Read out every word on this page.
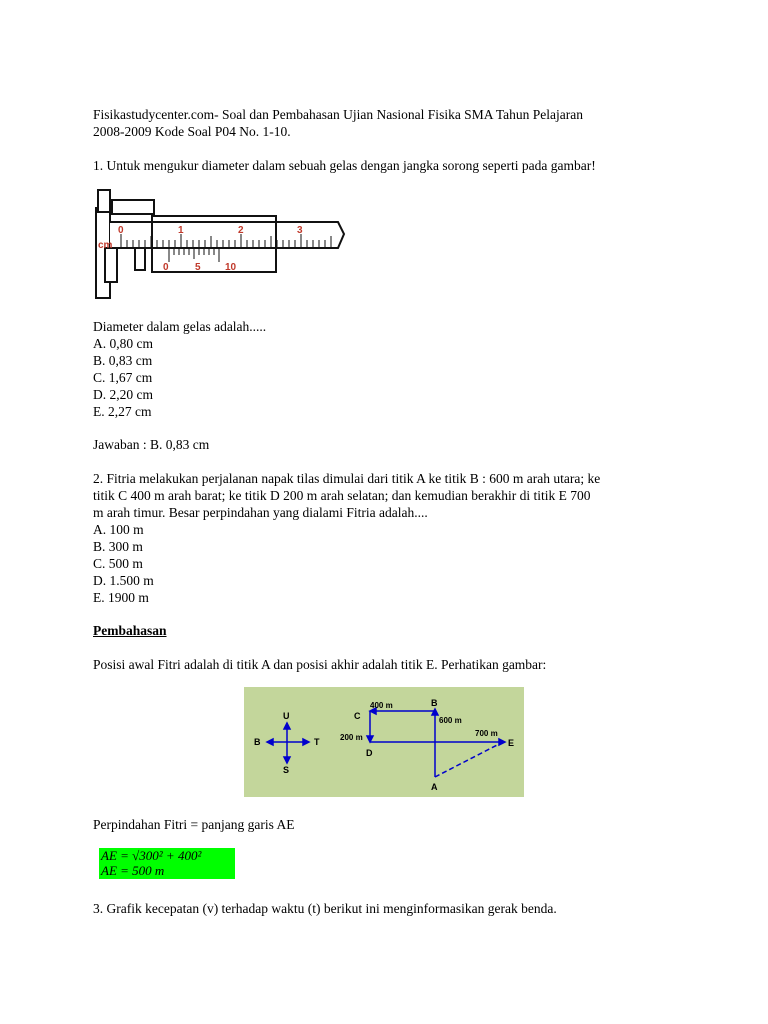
Fisikastudycenter.com- Soal dan Pembahasan Ujian Nasional Fisika SMA Tahun Pelajaran
2008-2009 Kode Soal P04 No. 1-10.
1. Untuk mengukur diameter dalam sebuah gelas dengan jangka sorong seperti pada gambar!
cm
0	1	2	3
0	5 10
Diameter dalam gelas adalah.....
A. 0,80 cm
B. 0,83 cm
C. 1,67 cm
D. 2,20 cm
E. 2,27 cm
Jawaban : B. 0,83 cm
2. Fitria melakukan perjalanan napak tilas dimulai dari titik A ke titik B : 600 m arah utara; ke
titik C 400 m arah barat; ke titik D 200 m arah selatan; dan kemudian berakhir di titik E 700
m arah timur. Besar perpindahan yang dialami Fitria adalah....
A. 100 m
B. 300 m
C. 500 m
D. 1.500 m
E. 1900 m
Pembahasan
Posisi awal Fitri adalah di titik A dan posisi akhir adalah titik E. Perhatikan gambar:
U
S
B	T
C
B
D
E
A
400 m
600 m
200 m	700 m
Perpindahan Fitri = panjang garis AE
AE = √300² + 400²
AE = 500 m
3. Grafik kecepatan (v) terhadap waktu (t) berikut ini menginformasikan gerak benda.
